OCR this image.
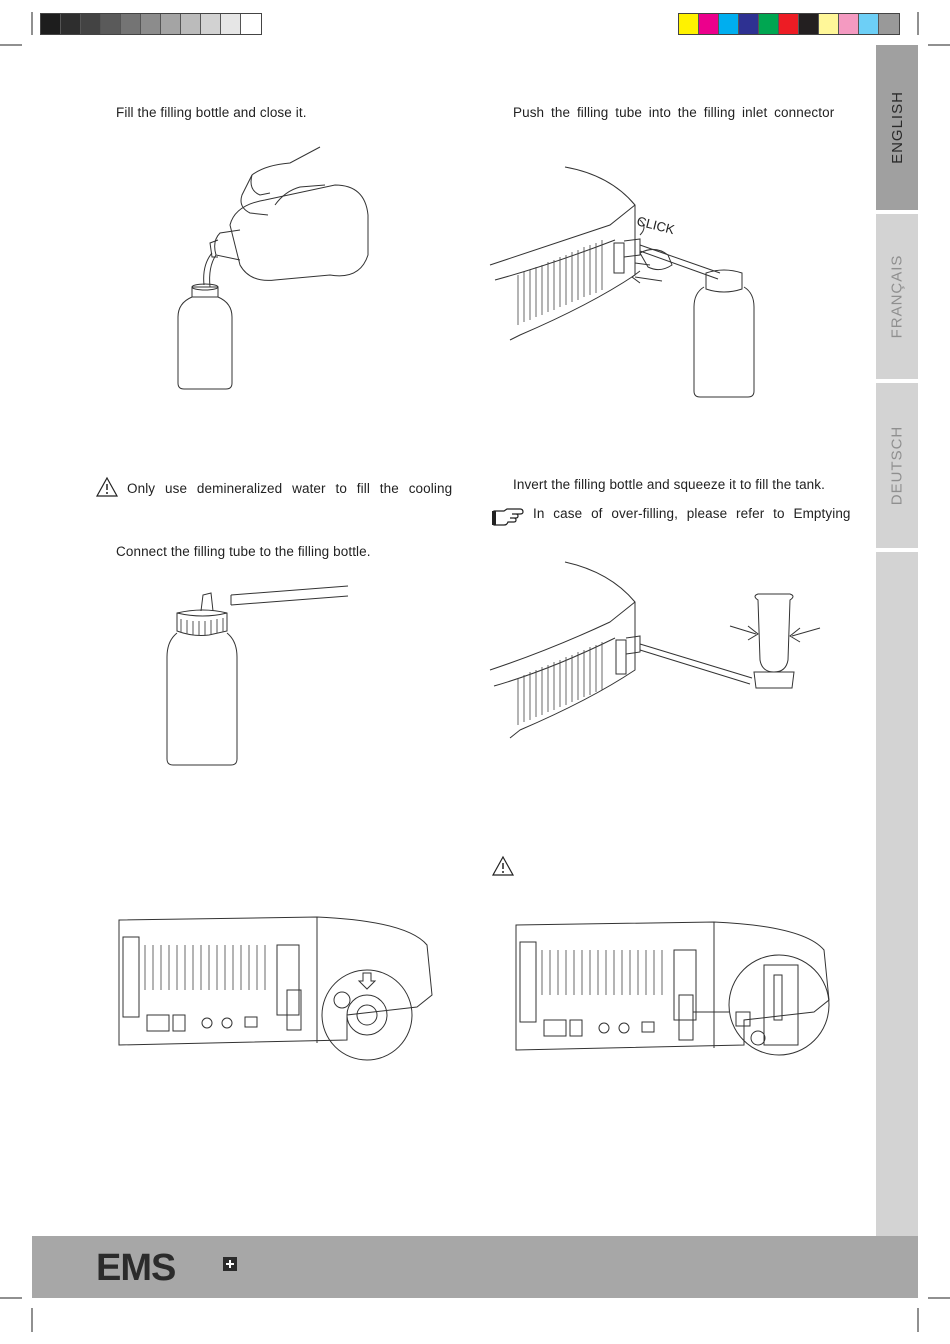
ENGLISH
FRANÇAIS
DEUTSCH
Fill the filling bottle and close it.
Only use demineralized water to fill the cooling
Connect the filling tube to the filling bottle.
Push the filling tube into the filling inlet connector
Invert the filling bottle and squeeze it to fill the tank.
In case of over-filling, please refer to Emptying
CLICK
EMS
